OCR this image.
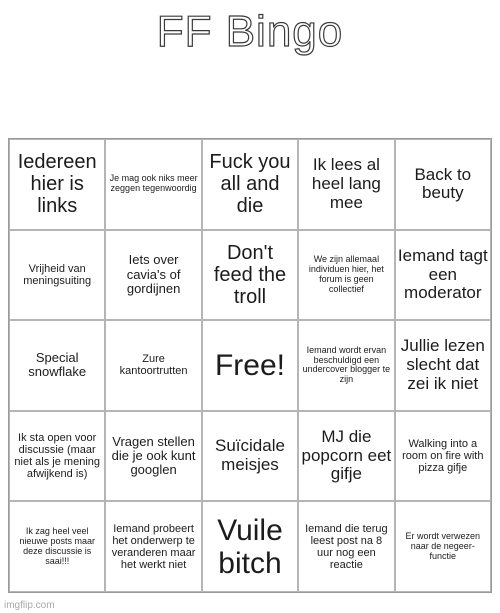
FF Bingo
Iedereen hier is links
Je mag ook niks meer zeggen tegenwoordig
Fuck you all and die
Ik lees al heel lang mee
Back to beuty
Vrijheid van meningsuiting
Iets over cavia's of gordijnen
Don't feed the troll
We zijn allemaal individuen hier, het forum is geen collectief
Iemand tagt een moderator
Special snowflake
Zure kantoortrutten Free!	Iemand wordt ervan beschuldigd een undercover blogger te zijn
Jullie lezen slecht dat zei ik niet
Ik sta open voor discussie (maar niet als je mening afwijkend is)
Vragen stellen die je ook kunt googlen
Suïcidale meisjes
MJ die popcorn eet gifje
Walking into a room on fire with pizza gifje
Ik zag heel veel nieuwe posts maar deze discussie is saai!!!
Iemand probeert het onderwerp te veranderen maar het werkt niet
Vuile bitch
Iemand die terug leest post na 8 uur nog een reactie
Er wordt verwezen naar de negeer-functie
imgflip.com
